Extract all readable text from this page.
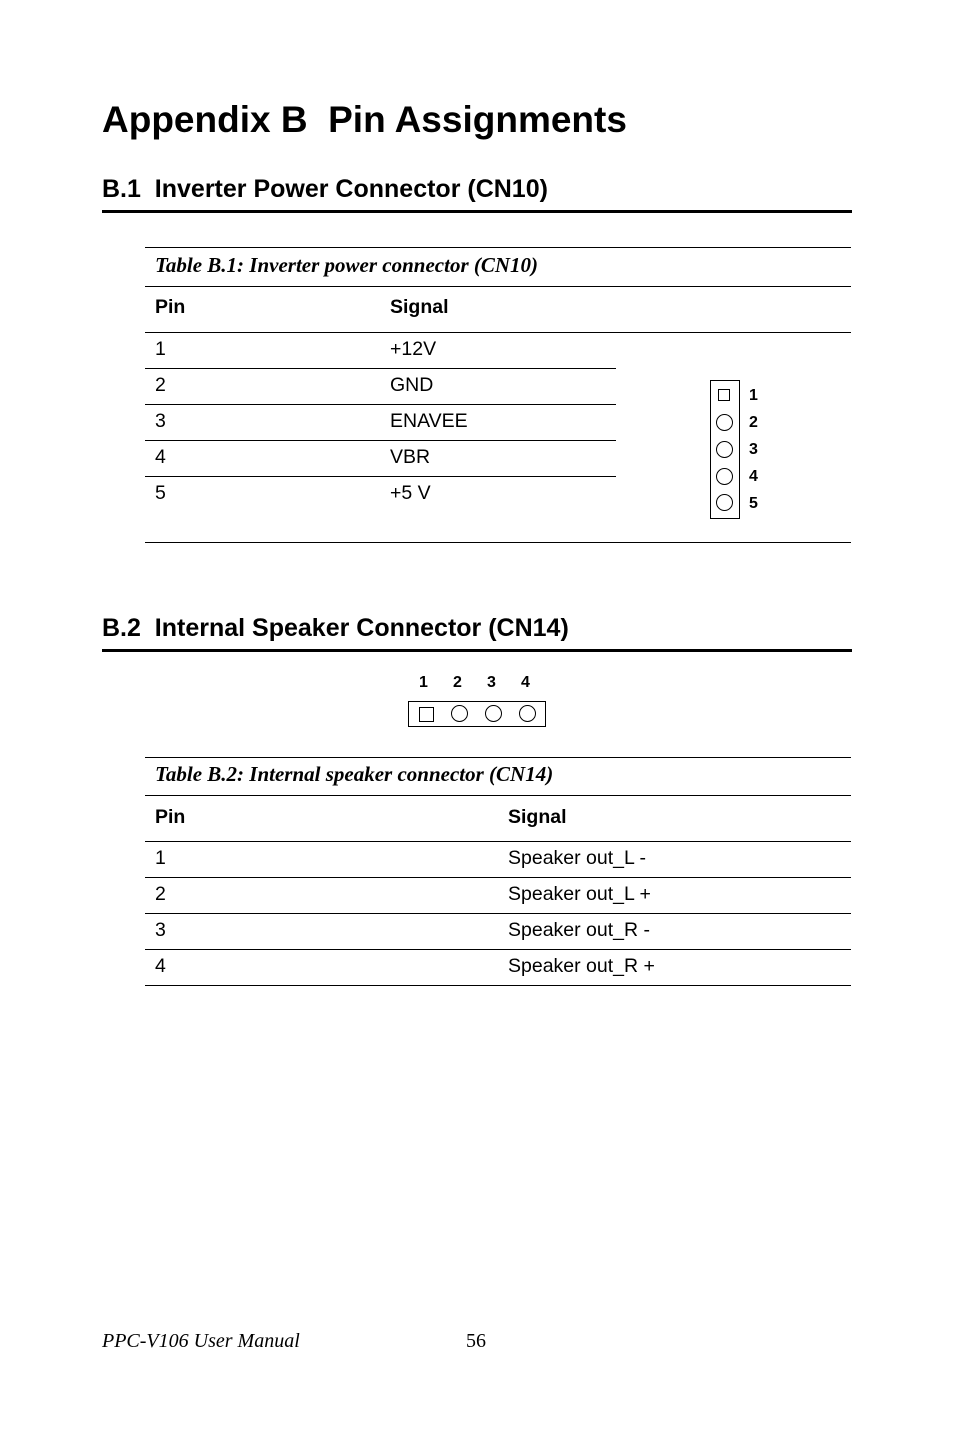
Appendix B  Pin Assignments
B.1  Inverter Power Connector (CN10)
Table B.1: Inverter power connector (CN10)
Pin	Signal
1	+12V
2	GND
3	ENAVEE
4	VBR
5	+5 V
1
2
3
4
5
B.2  Internal Speaker Connector (CN14)
1 2 3 4
Table B.2: Internal speaker connector (CN14)
Pin	Signal
1	Speaker out_L -
2	Speaker out_L +
3	Speaker out_R -
4	Speaker out_R +
PPC-V106 User Manual	56
